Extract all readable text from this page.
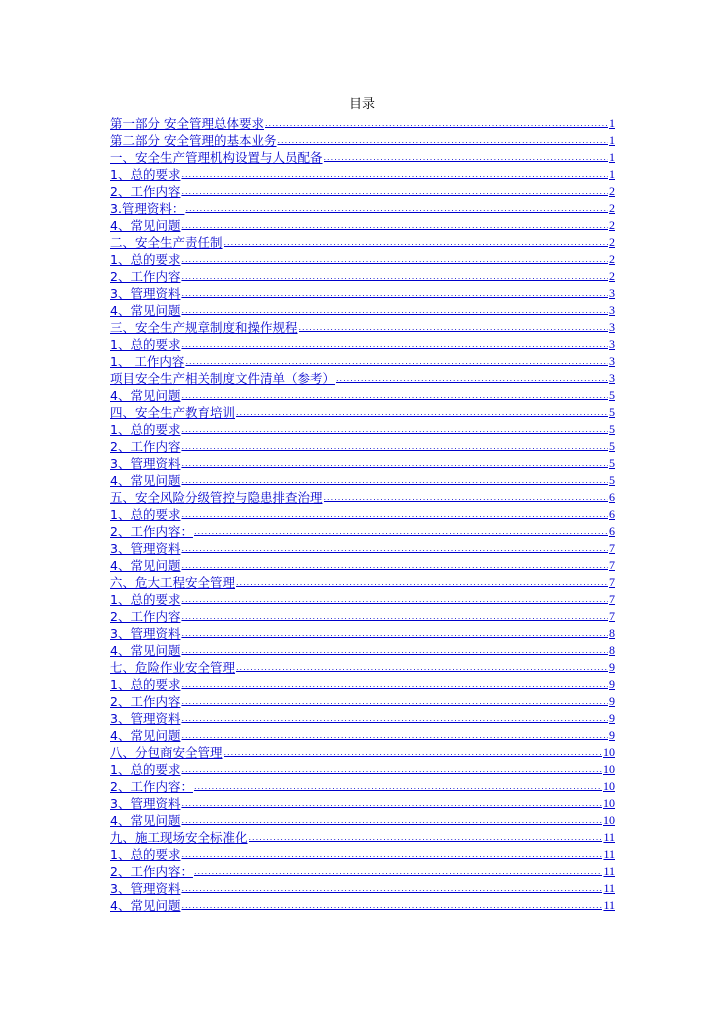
目录
第一部分 安全管理总体要求 .....	1
第二部分 安全管理的基本业务 .....	1
一、安全生产管理机构设置与人员配备 .....	1
1、总的要求 .....	1
2、工作内容 .....	2
3.管理资料： .....	2
4、常见问题 .....	2
二、安全生产责任制 .....	2
1、总的要求 .....	2
2、工作内容 .....	2
3、管理资料 .....	3
4、常见问题 .....	3
三、安全生产规章制度和操作规程 .....	3
1、总的要求 .....	3
1、 工作内容 .....	3
项目安全生产相关制度文件清单（参考） .....	3
4、常见问题 .....	5
四、安全生产教育培训 .....	5
1、总的要求 .....	5
2、工作内容 .....	5
3、管理资料 .....	5
4、常见问题 .....	5
五、安全风险分级管控与隐患排查治理 .....	6
1、总的要求 .....	6
2、工作内容： .....	6
3、管理资料 .....	7
4、常见问题 .....	7
六、危大工程安全管理 .....	7
1、总的要求 .....	7
2、工作内容 .....	7
3、管理资料 .....	8
4、常见问题 .....	8
七、危险作业安全管理 .....	9
1、总的要求 .....	9
2、工作内容 .....	9
3、管理资料 .....	9
4、常见问题 .....	9
八、分包商安全管理 .....	10
1、总的要求 .....	10
2、工作内容： .....	10
3、管理资料 .....	10
4、常见问题 .....	10
九、施工现场安全标准化 .....	11
1、总的要求 .....	11
2、工作内容： .....	11
3、管理资料 .....	11
4、常见问题 .....	11
